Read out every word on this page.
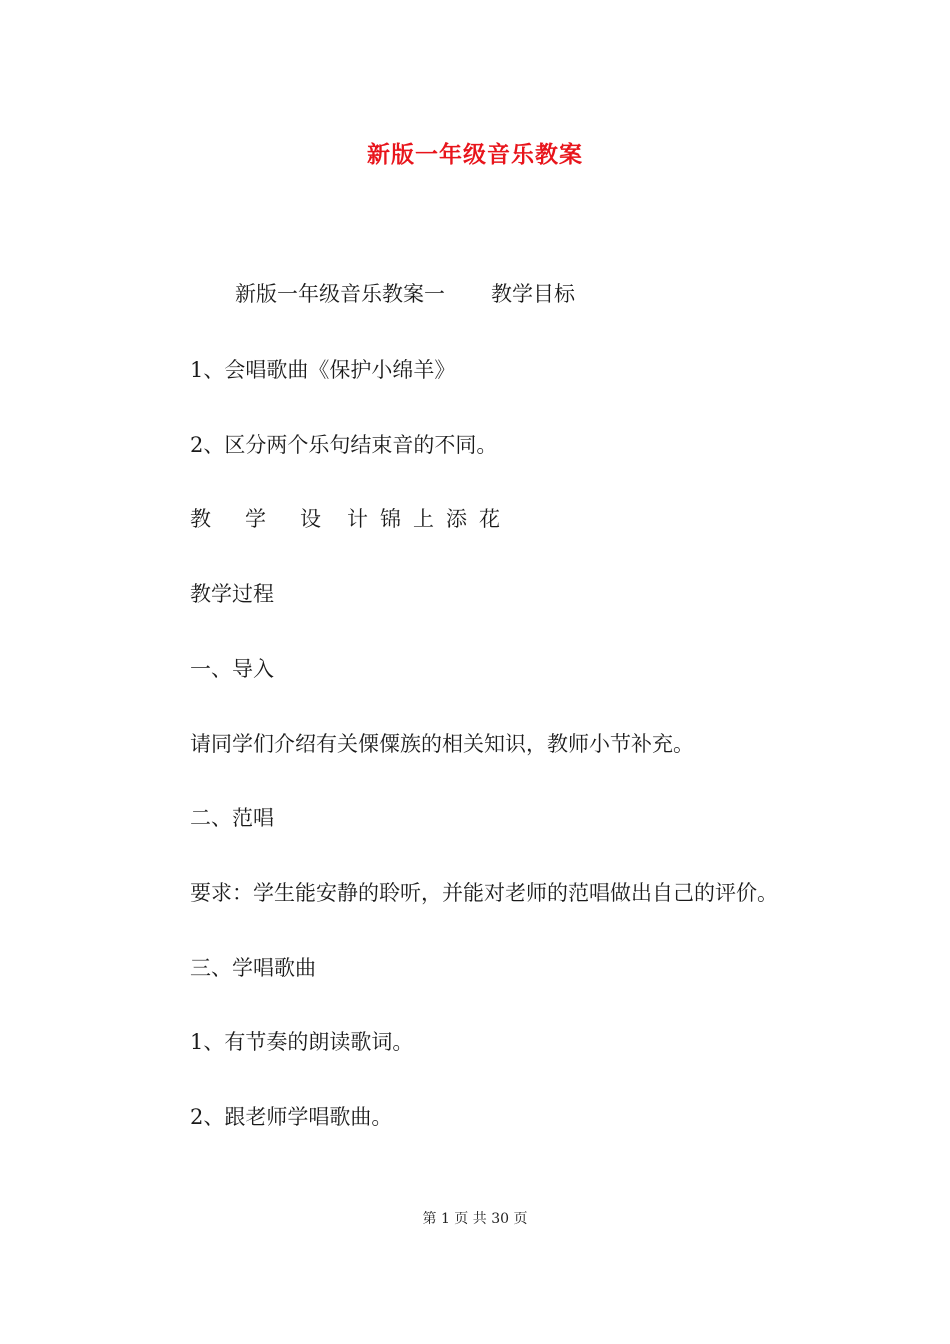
新版一年级音乐教案
新版一年级音乐教案一 教学目标

1、会唱歌曲《保护小绵羊》

2、区分两个乐句结束音的不同。

教 学 设 计 锦 上 添 花

教学过程

一、导入

请同学们介绍有关傈僳族的相关知识，教师小节补充。

二、范唱

要求：学生能安静的聆听，并能对老师的范唱做出自己的评价。

三、学唱歌曲

1、有节奏的朗读歌词。

2、跟老师学唱歌曲。

第 1 页 共 30 页
